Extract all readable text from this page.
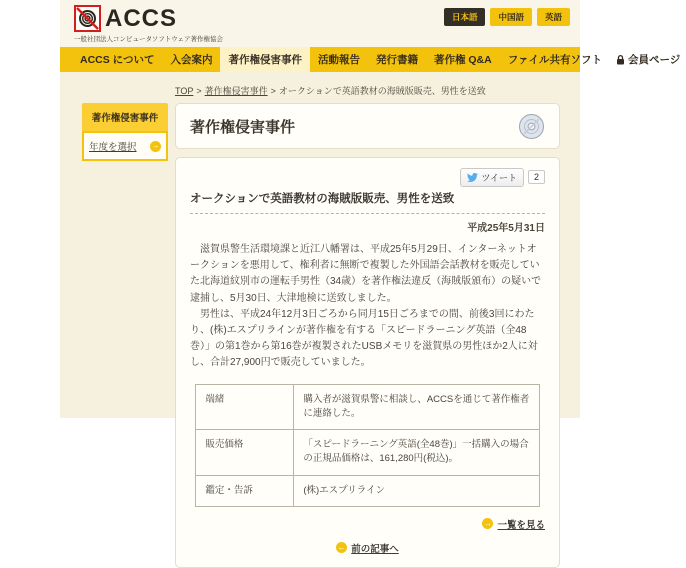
ACCS
一般社団法人コンピュータソフトウェア著作権協会
日本語	中国語	英語
ACCS について	入会案内	著作権侵害事件	活動報告	発行書籍	著作権 Q&A	ファイル共有ソフト	会員ページ
TOP > 著作権侵害事件 > オークションで英語教材の海賊版販売、男性を送致
著作権侵害事件
年度を選択 →
著作権侵害事件
ツイート	2
オークションで英語教材の海賊版販売、男性を送致
平成25年5月31日

滋賀県警生活環境課と近江八幡署は、平成25年5月29日、インターネットオークションを悪用して、権利者に無断で複製した外国語会話教材を販売していた北海道紋別市の運転手男性（34歳）を著作権法違反（海賊版頒布）の疑いで逮捕し、5月30日、大津地検に送致しました。

男性は、平成24年12月3日ごろから同月15日ごろまでの間、前後3回にわたり、(株)エスプリラインが著作権を有する「スピードラーニング英語（全48巻）」の第1巻から第16巻が複製されたUSBメモリを滋賀県の男性ほか2人に対し、合計27,900円で販売していました。

端緒	購入者が滋賀県警に相談し、ACCSを通じて著作権者に連絡した。
販売価格	「スピードラーニング英語(全48巻)」一括購入の場合の正規品価格は、161,280円(税込)。
鑑定・告訴	(株)エスプリライン
→ 一覧を見る
← 前の記事へ
